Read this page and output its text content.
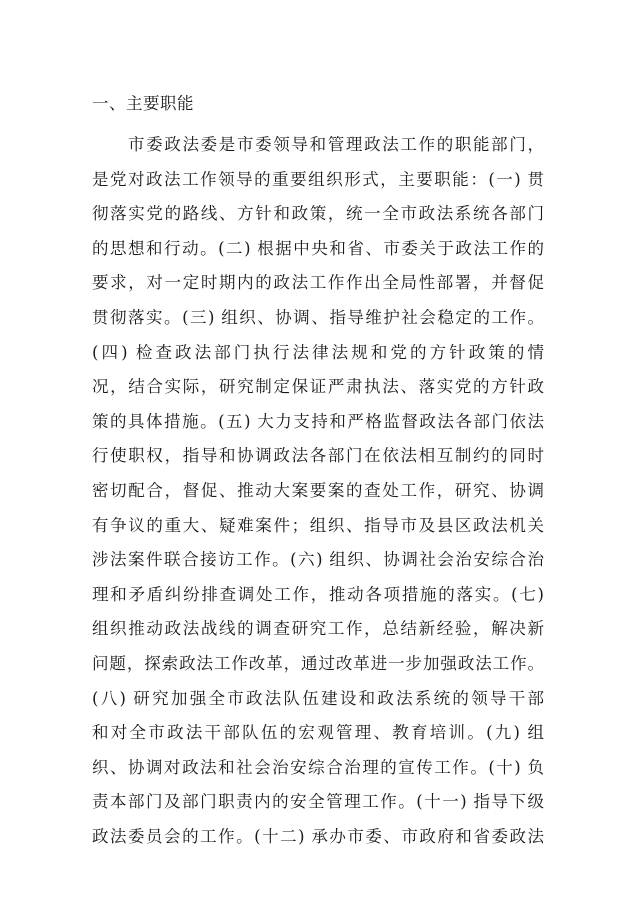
一、主要职能
市委政法委是市委领导和管理政法工作的职能部门，
是党对政法工作领导的重要组织形式，主要职能：(一) 贯
彻落实党的路线、方针和政策，统一全市政法系统各部门
的思想和行动。(二) 根据中央和省、市委关于政法工作的
要求，对一定时期内的政法工作作出全局性部署，并督促
贯彻落实。(三) 组织、协调、指导维护社会稳定的工作。
(四) 检查政法部门执行法律法规和党的方针政策的情
况，结合实际，研究制定保证严肃执法、落实党的方针政
策的具体措施。(五) 大力支持和严格监督政法各部门依法
行使职权，指导和协调政法各部门在依法相互制约的同时
密切配合，督促、推动大案要案的查处工作，研究、协调
有争议的重大、疑难案件；组织、指导市及县区政法机关
涉法案件联合接访工作。(六) 组织、协调社会治安综合治
理和矛盾纠纷排查调处工作，推动各项措施的落实。(七)
组织推动政法战线的调查研究工作，总结新经验，解决新
问题，探索政法工作改革，通过改革进一步加强政法工作。
(八) 研究加强全市政法队伍建设和政法系统的领导干部
和对全市政法干部队伍的宏观管理、教育培训。(九) 组
织、协调对政法和社会治安综合治理的宣传工作。(十) 负
责本部门及部门职责内的安全管理工作。(十一) 指导下级
政法委员会的工作。(十二) 承办市委、市政府和省委政法
